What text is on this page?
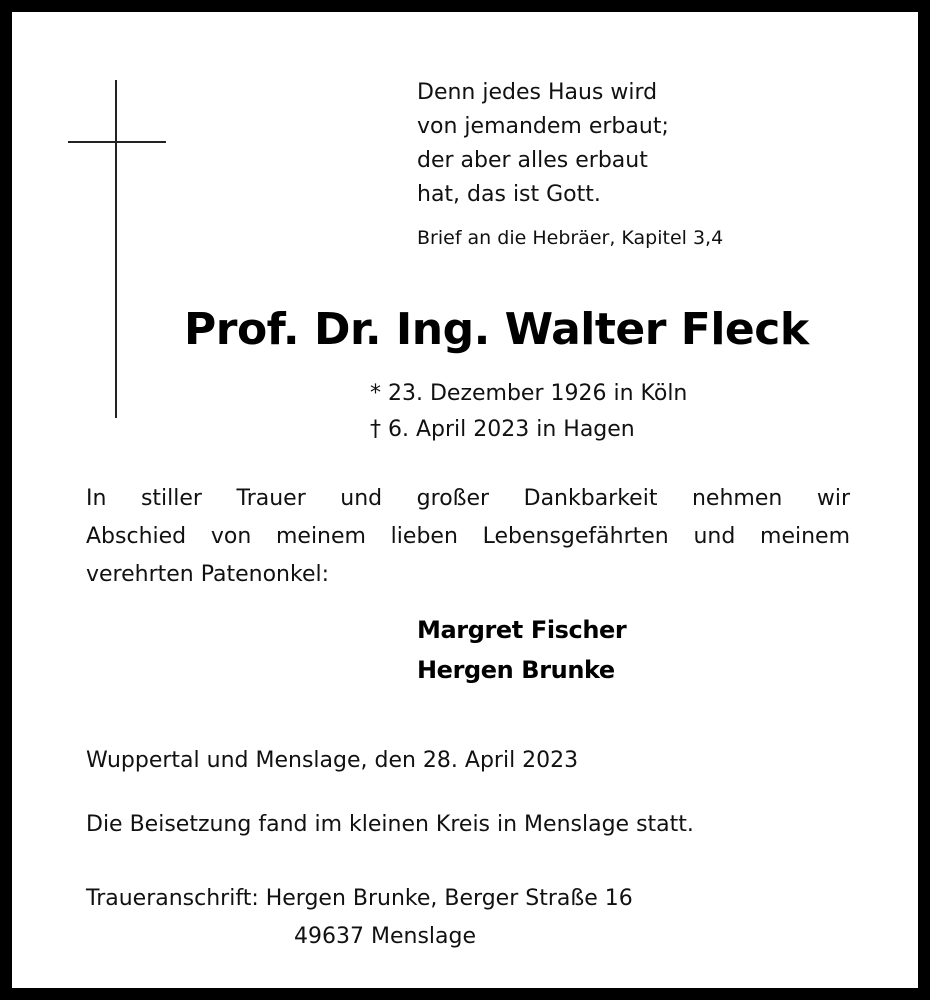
Denn jedes Haus wird
von jemandem erbaut;
der aber alles erbaut
hat, das ist Gott.
Brief an die Hebräer, Kapitel 3,4
Prof. Dr. Ing. Walter Fleck
* 23. Dezember 1926 in Köln
† 6. April 2023 in Hagen
In stiller Trauer und großer Dankbarkeit nehmen wir
Abschied von meinem lieben Lebensgefährten und meinem
verehrten Patenonkel:
Margret Fischer
Hergen Brunke
Wuppertal und Menslage, den 28. April 2023
Die Beisetzung fand im kleinen Kreis in Menslage statt.
Traueranschrift: Hergen Brunke, Berger Straße 16
49637 Menslage
